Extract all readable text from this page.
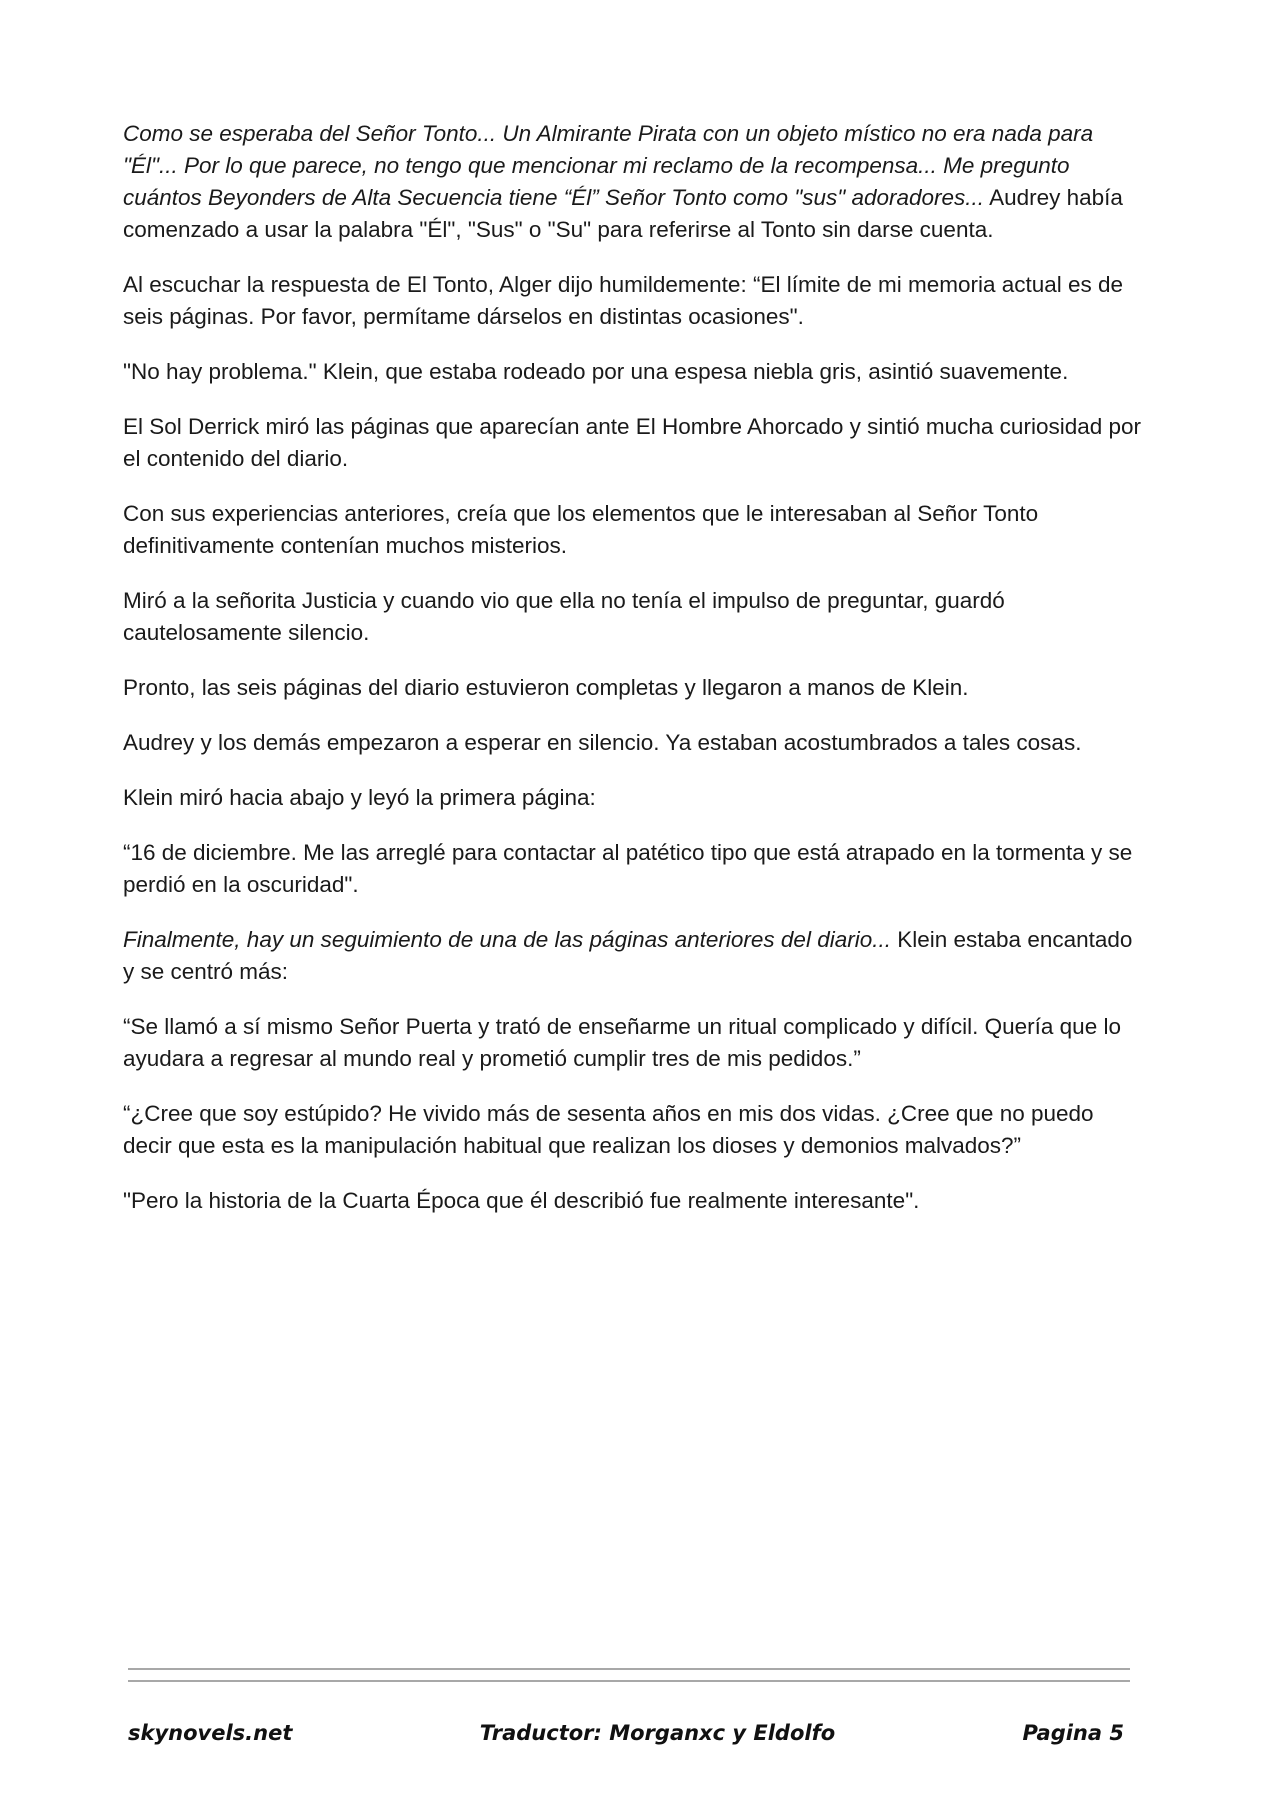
Como se esperaba del Señor Tonto... Un Almirante Pirata con un objeto místico no era nada para "Él"... Por lo que parece, no tengo que mencionar mi reclamo de la recompensa... Me pregunto cuántos Beyonders de Alta Secuencia tiene “Él” Señor Tonto como "sus" adoradores... Audrey había comenzado a usar la palabra "Él", "Sus" o "Su" para referirse al Tonto sin darse cuenta.

Al escuchar la respuesta de El Tonto, Alger dijo humildemente: “El límite de mi memoria actual es de seis páginas. Por favor, permítame dárselos en distintas ocasiones".

"No hay problema." Klein, que estaba rodeado por una espesa niebla gris, asintió suavemente.

El Sol Derrick miró las páginas que aparecían ante El Hombre Ahorcado y sintió mucha curiosidad por el contenido del diario.

Con sus experiencias anteriores, creía que los elementos que le interesaban al Señor Tonto definitivamente contenían muchos misterios.

Miró a la señorita Justicia y cuando vio que ella no tenía el impulso de preguntar, guardó cautelosamente silencio.

Pronto, las seis páginas del diario estuvieron completas y llegaron a manos de Klein.

Audrey y los demás empezaron a esperar en silencio. Ya estaban acostumbrados a tales cosas.

Klein miró hacia abajo y leyó la primera página:

“16 de diciembre. Me las arreglé para contactar al patético tipo que está atrapado en la tormenta y se perdió en la oscuridad".

Finalmente, hay un seguimiento de una de las páginas anteriores del diario... Klein estaba encantado y se centró más:

“Se llamó a sí mismo Señor Puerta y trató de enseñarme un ritual complicado y difícil. Quería que lo ayudara a regresar al mundo real y prometió cumplir tres de mis pedidos.”

“¿Cree que soy estúpido? He vivido más de sesenta años en mis dos vidas. ¿Cree que no puedo decir que esta es la manipulación habitual que realizan los dioses y demonios malvados?”

"Pero la historia de la Cuarta Época que él describió fue realmente interesante".

skynovels.net	Traductor: Morganxc y Eldolfo	Pagina 5
